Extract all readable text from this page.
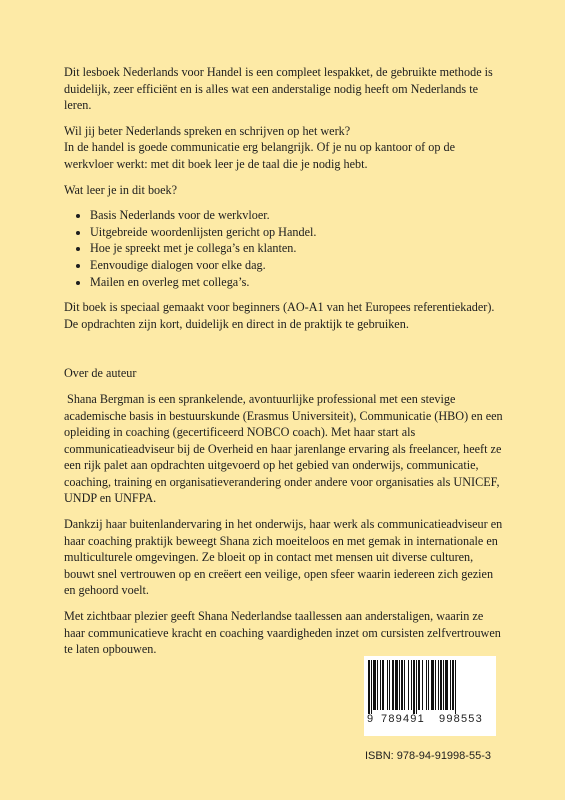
Dit lesboek Nederlands voor Handel is een compleet lespakket, de gebruikte methode is duidelijk, zeer efficiënt en is alles wat een anderstalige nodig heeft om Nederlands te leren.

Wil jij beter Nederlands spreken en schrijven op het werk?
In de handel is goede communicatie erg belangrijk. Of je nu op kantoor of op de werkvloer werkt: met dit boek leer je de taal die je nodig hebt.

Wat leer je in dit boek?

• Basis Nederlands voor de werkvloer.
• Uitgebreide woordenlijsten gericht op Handel.
• Hoe je spreekt met je collega’s en klanten.
• Eenvoudige dialogen voor elke dag.
• Mailen en overleg met collega’s.

Dit boek is speciaal gemaakt voor beginners (AO-A1 van het Europees referentiekader). De opdrachten zijn kort, duidelijk en direct in de praktijk te gebruiken.

Over de auteur

Shana Bergman is een sprankelende, avontuurlijke professional met een stevige academische basis in bestuurskunde (Erasmus Universiteit), Communicatie (HBO) en een opleiding in coaching (gecertificeerd NOBCO coach). Met haar start als communicatieadviseur bij de Overheid en haar jarenlange ervaring als freelancer, heeft ze een rijk palet aan opdrachten uitgevoerd op het gebied van onderwijs, communicatie, coaching, training en organisatieverandering onder andere voor organisaties als UNICEF, UNDP en UNFPA.

Dankzij haar buitenlandervaring in het onderwijs, haar werk als communicatieadviseur en haar coaching praktijk beweegt Shana zich moeiteloos en met gemak in internationale en multiculturele omgevingen. Ze bloeit op in contact met mensen uit diverse culturen, bouwt snel vertrouwen op en creëert een veilige, open sfeer waarin iedereen zich gezien en gehoord voelt.

Met zichtbaar plezier geeft Shana Nederlandse taallessen aan anderstaligen, waarin ze haar communicatieve kracht en coaching vaardigheden inzet om cursisten zelfvertrouwen te laten opbouwen.

9 789491 998553
ISBN: 978-94-91998-55-3
